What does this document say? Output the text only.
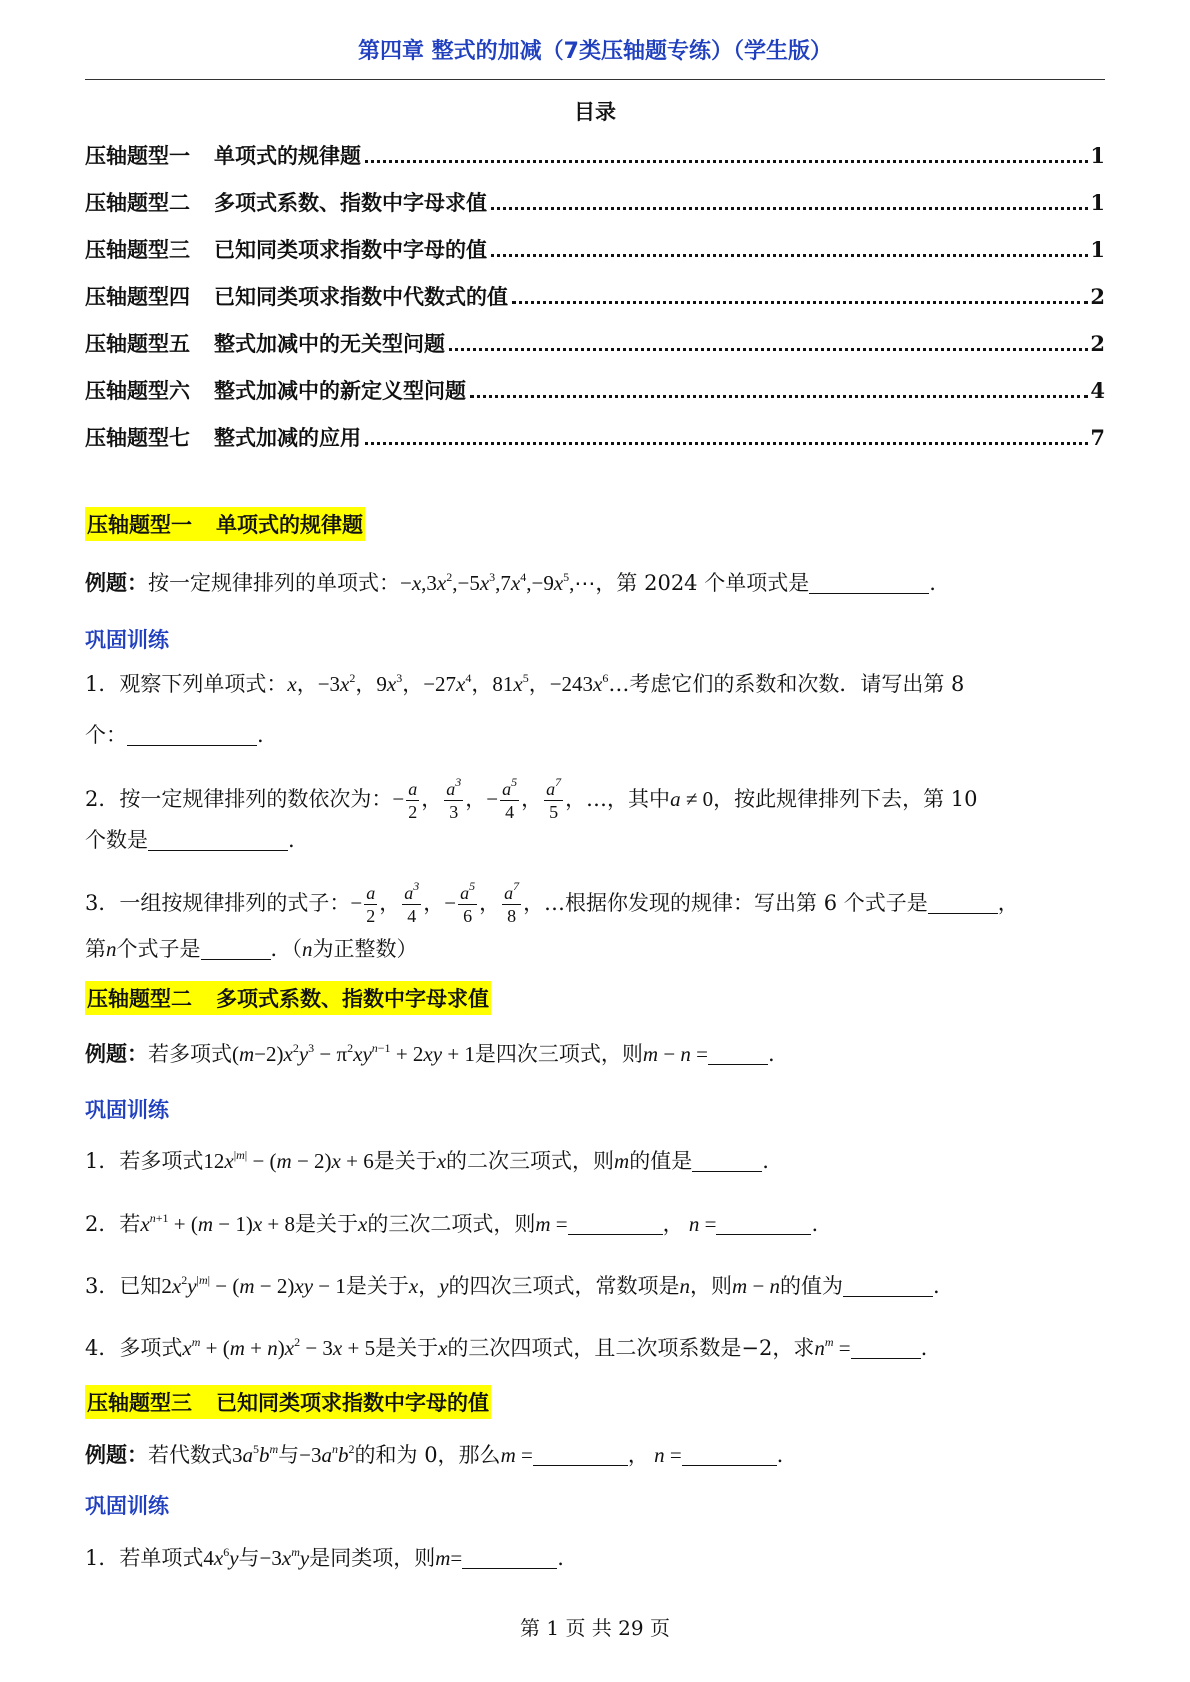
第四章 整式的加减（7类压轴题专练）（学生版）
目录
压轴题型一 单项式的规律题	1
压轴题型二 多项式系数、指数中字母求值	1
压轴题型三 已知同类项求指数中字母的值	1
压轴题型四 已知同类项求指数中代数式的值	2
压轴题型五 整式加减中的无关型问题	2
压轴题型六 整式加减中的新定义型问题	4
压轴题型七 整式加减的应用	7
压轴题型一 单项式的规律题
例题：按一定规律排列的单项式：$-x,3x^2,-5x^3,7x^4,-9x^5,\cdots$，第 2024 个单项式是	.
巩固训练
1．观察下列单项式：x，$-3x^2$，$9x^3$，$-27x^4$，$81x^5$，$-243x^6\dots$考虑它们的系数和次数．请写出第 8
个：	.
2．按一定规律排列的数依次为：− $\frac{a}{2}$ ， $\frac{a^3}{3}$ ，− $\frac{a^5}{4}$ ， $\frac{a^7}{5}$ ，…，其中a ≠ 0，按此规律排列下去，第 10
个数是	.
3．一组按规律排列的式子：− $\frac{a}{2}$ ， $\frac{a^3}{4}$ ，− $\frac{a^5}{6}$ ， $\frac{a^7}{8}$ ，…根据你发现的规律：写出第 6 个式子是	，
第n个式子是	．（n为正整数）
压轴题型二 多项式系数、指数中字母求值
例题：若多项式$(m-2)x^2y^3 - \pi^2xy^{n-1} + 2xy + 1$是四次三项式，则m − n =	.
巩固训练
1．若多项式$12x^{|m|} - (m - 2)x + 6$是关于x的二次三项式，则m的值是	.
2．若$x^{n+1} + (m - 1)x + 8$是关于x的三次二项式，则m =	， n =	.
3．已知$2x^2y^{|m|} - (m - 2)xy - 1$是关于x，y的四次三项式，常数项是n，则m − n的值为	.
4．多项式$x^m + (m + n)x^2 - 3x + 5$是关于x的三次四项式，且二次项系数是−2，求$n^m$ =	.
压轴题型三 已知同类项求指数中字母的值
例题：若代数式$3a^5b^m$与$-3a^nb^2$的和为 0，那么m =	， n =	.
巩固训练
1．若单项式$4x^6y$与$-3x^my$是同类项，则m=	.
第 1 页 共 29 页
